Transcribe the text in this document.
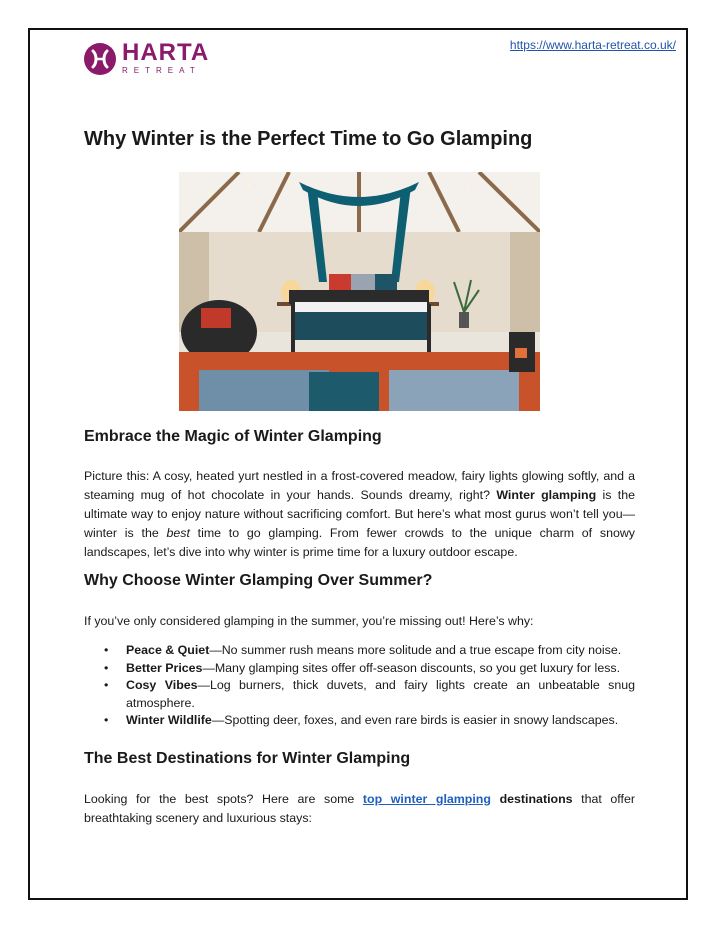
https://www.harta-retreat.co.uk/
HARTA
RETREAT
Why Winter is the Perfect Time to Go Glamping
Embrace the Magic of Winter Glamping

Picture this: A cosy, heated yurt nestled in a frost-covered meadow, fairy lights glowing softly, and a steaming mug of hot chocolate in your hands. Sounds dreamy, right? Winter glamping is the ultimate way to enjoy nature without sacrificing comfort. But here’s what most gurus won’t tell you—winter is the best time to go glamping. From fewer crowds to the unique charm of snowy landscapes, let’s dive into why winter is prime time for a luxury outdoor escape.

Why Choose Winter Glamping Over Summer?

If you’ve only considered glamping in the summer, you’re missing out! Here’s why:

• Peace & Quiet—No summer rush means more solitude and a true escape from city noise.
• Better Prices—Many glamping sites offer off-season discounts, so you get luxury for less.
• Cosy Vibes—Log burners, thick duvets, and fairy lights create an unbeatable snug atmosphere.
• Winter Wildlife—Spotting deer, foxes, and even rare birds is easier in snowy landscapes.
The Best Destinations for Winter Glamping

Looking for the best spots? Here are some top winter glamping destinations that offer breathtaking scenery and luxurious stays:
